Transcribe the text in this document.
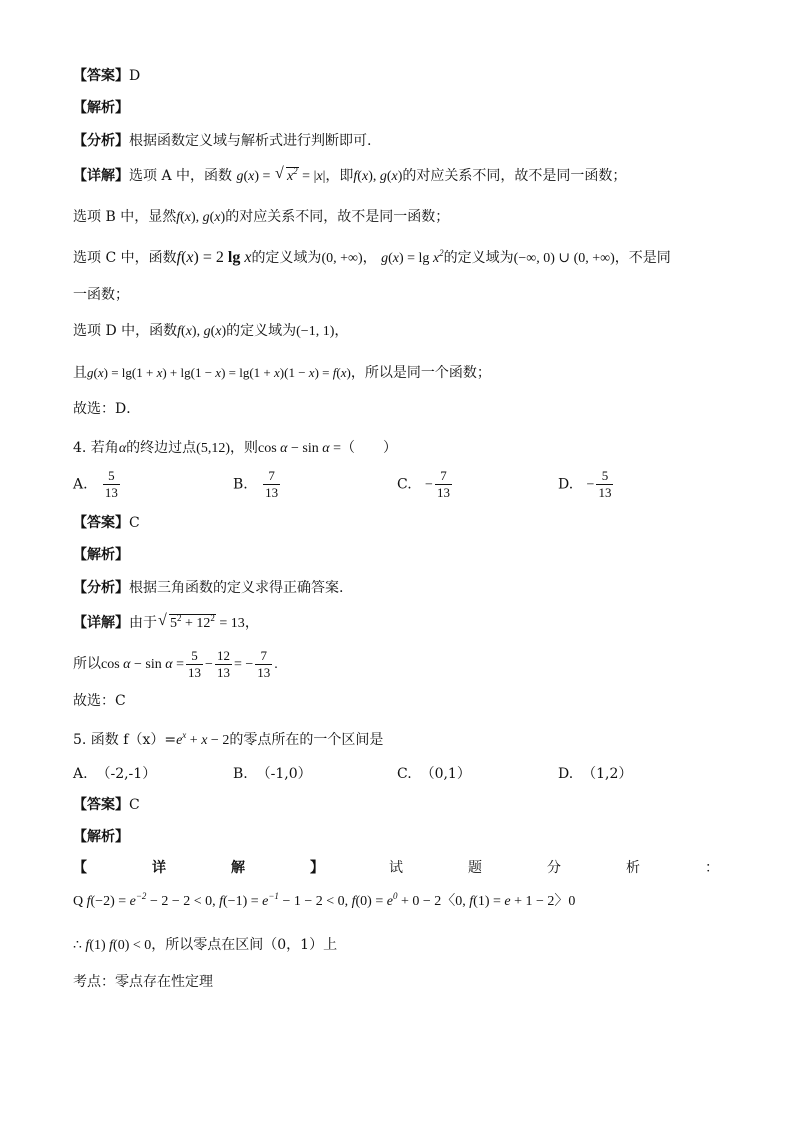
【答案】D
【解析】
【分析】根据函数定义域与解析式进行判断即可.
【详解】选项 A 中，函数 g(x) = √ $x^2 = |x|$，即f(x), g(x)的对应关系不同，故不是同一函数；
选项 B 中，显然f(x), g(x)的对应关系不同，故不是同一函数；
选项 C 中，函数f(x) = 2 lg x的定义域为(0, +∞)， $g(x) = \lg x^2$的定义域为(−∞, 0) ∪ (0, +∞)，不是同
一函数；
选项 D 中，函数f(x), g(x)的定义域为(−1, 1)，
且g(x) = lg(1 + x) + lg(1 − x) = lg(1 + x)(1 − x) = f(x)，所以是同一个函数；
故选：D．
4. 若角α的终边过点(5,12)，则cos α − sin α =（　　）
A. $\frac{5}{13}$	B. $\frac{7}{13}$	C. − $\frac{7}{13}$	D. − $\frac{5}{13}$
【答案】C
【解析】
【分析】根据三角函数的定义求得正确答案.
【详解】由于 √ $5^2 + 12^2 = 13$，
所以$\cos \alpha - \sin \alpha = \frac{5}{13} - \frac{12}{13}$ = − $\frac{7}{13}$ .
故选：C
5. 函数 $f(x)=e^x + x - 2$的零点所在的一个区间是
A. （-2,-1）	B. （-1,0）	C. （0,1）	D. （1,2）
【答案】C
【解析】
【	详	解	】	试	题	分	析	：
Q $f(-2) = e^{-2} - 2 - 2 < 0$, $f(-1) = e^{-1} - 1 - 2 < 0$, $f(0) = e^0 + 0 - 2$〈0, f(1) = e + 1 − 2〉0
∴ f(1) f(0) < 0，所以零点在区间（0，1）上
考点：零点存在性定理
